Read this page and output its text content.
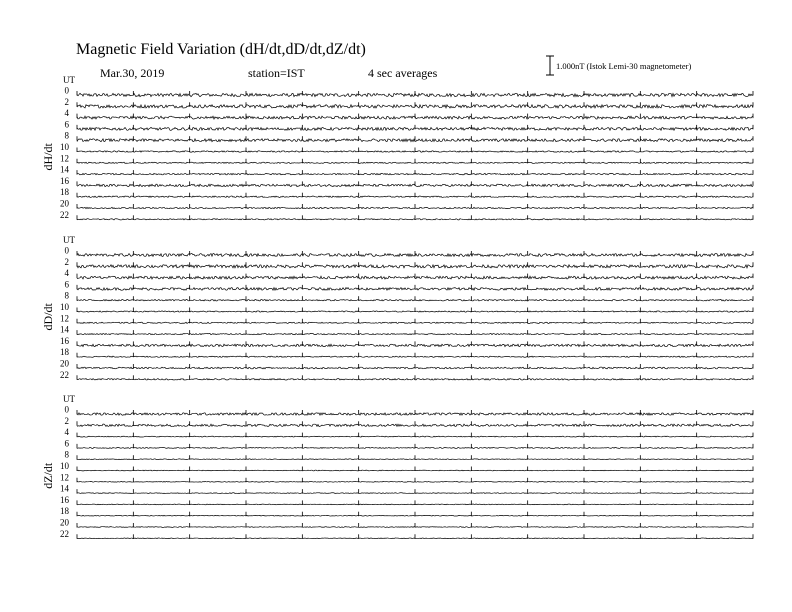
Magnetic Field Variation (dH/dt,dD/dt,dZ/dt)
Mar.30, 2019	station=IST	4 sec averages	1.000nT (Istok Lemi-30 magnetometer)
UT
dH/dt
0
2
4
6
8
10
12
14
16
18
20
22
UT
dD/dt
0
2
4
6
8
10
12
14
16
18
20
22
UT
dZ/dt
0
2
4
6
8
10
12
14
16
18
20
22
